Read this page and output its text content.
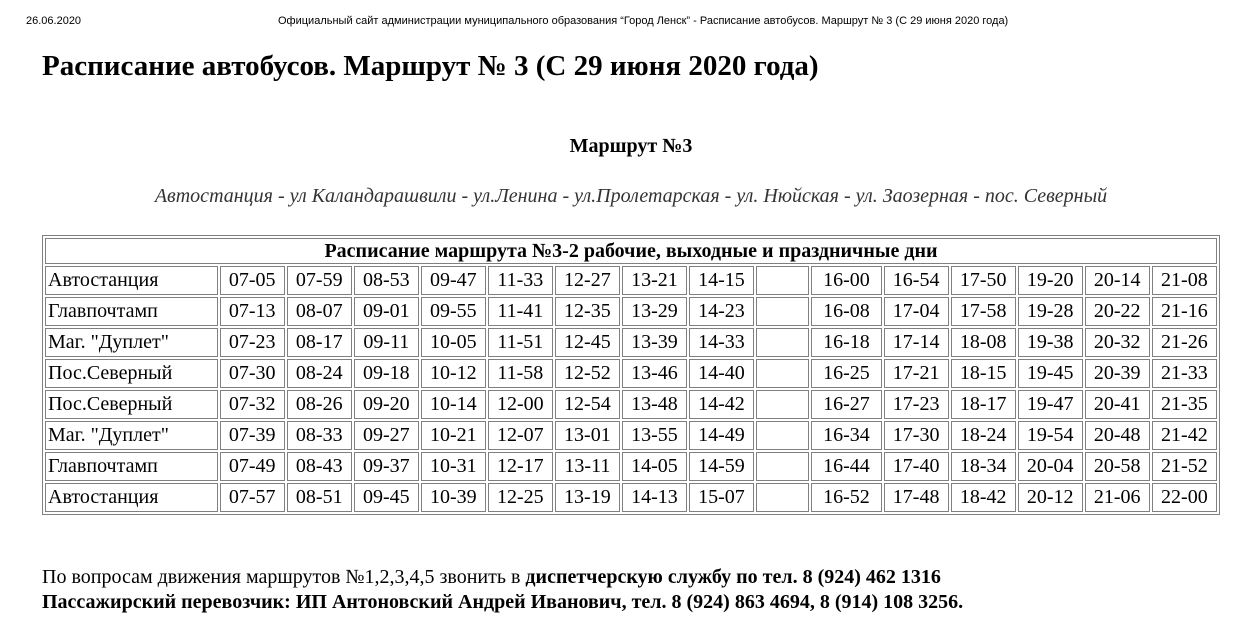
26.06.2020	Официальный сайт администрации муниципального образования “Город Ленск” - Расписание автобусов. Маршрут № 3 (С 29 июня 2020 года)
Расписание автобусов. Маршрут № 3 (С 29 июня 2020 года)
Маршрут №3
Автостанция - ул Каландарашвили - ул.Ленина - ул.Пролетарская - ул. Нюйская - ул. Заозерная - пос. Северный
Расписание маршрута №3-2 рабочие, выходные и праздничные дни															
Автостанция	07-05	07-59	08-53	09-47	11-33	12-27	13-21	14-15		16-00	16-54	17-50	19-20	20-14	21-08
Главпочтамп	07-13	08-07	09-01	09-55	11-41	12-35	13-29	14-23		16-08	17-04	17-58	19-28	20-22	21-16
Маг. "Дуплет"	07-23	08-17	09-11	10-05	11-51	12-45	13-39	14-33		16-18	17-14	18-08	19-38	20-32	21-26
Пос.Северный	07-30	08-24	09-18	10-12	11-58	12-52	13-46	14-40		16-25	17-21	18-15	19-45	20-39	21-33
Пос.Северный	07-32	08-26	09-20	10-14	12-00	12-54	13-48	14-42		16-27	17-23	18-17	19-47	20-41	21-35
Маг. "Дуплет"	07-39	08-33	09-27	10-21	12-07	13-01	13-55	14-49		16-34	17-30	18-24	19-54	20-48	21-42
Главпочтамп	07-49	08-43	09-37	10-31	12-17	13-11	14-05	14-59		16-44	17-40	18-34	20-04	20-58	21-52
Автостанция	07-57	08-51	09-45	10-39	12-25	13-19	14-13	15-07		16-52	17-48	18-42	20-12	21-06	22-00
По вопросам движения маршрутов №1,2,3,4,5 звонить в диспетчерскую службу по тел. 8 (924) 462 1316
Пассажирский перевозчик: ИП Антоновский Андрей Иванович, тел. 8 (924) 863 4694, 8 (914) 108 3256.
